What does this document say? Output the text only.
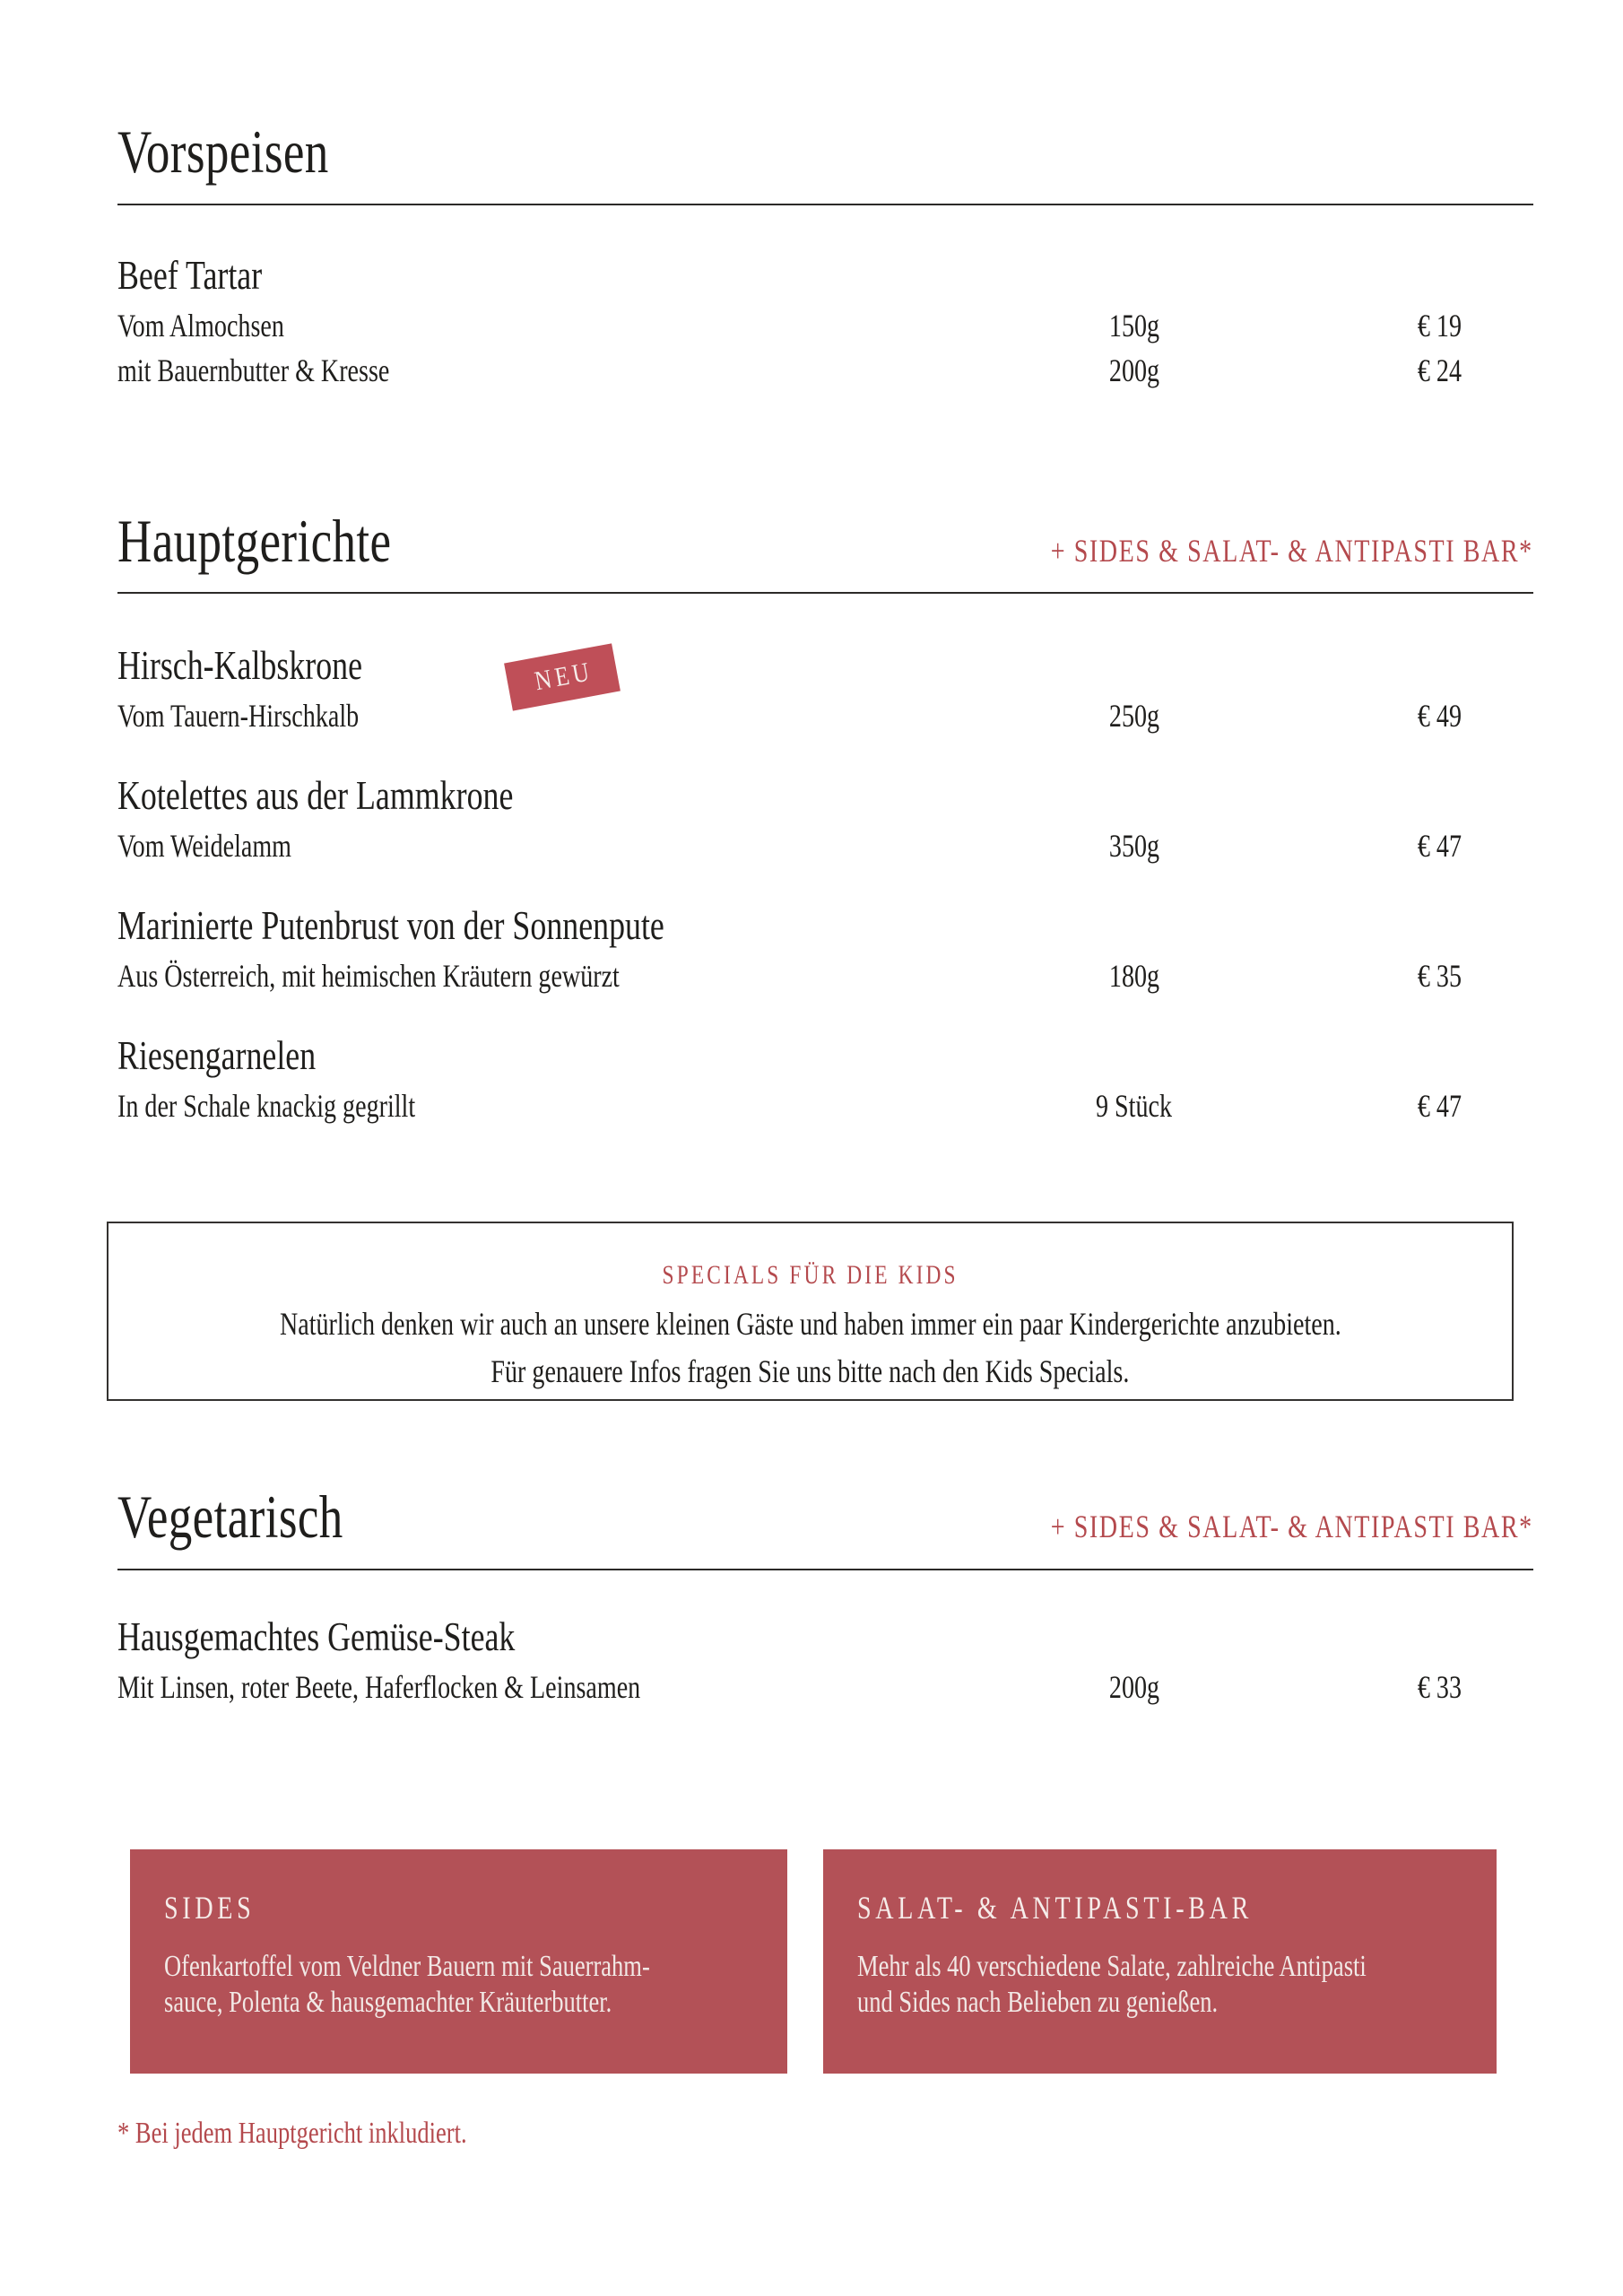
Vorspeisen
Beef Tartar
Vom Almochsen	150g	€ 19
mit Bauernbutter & Kresse	200g	€ 24
Hauptgerichte	+ SIDES & SALAT- & ANTIPASTI BAR*
Hirsch-Kalbskrone	NEU
Vom Tauern-Hirschkalb	250g	€ 49
Kotelettes aus der Lammkrone
Vom Weidelamm	350g	€ 47
Marinierte Putenbrust von der Sonnenpute
Aus Österreich, mit heimischen Kräutern gewürzt	180g	€ 35
Riesengarnelen
In der Schale knackig gegrillt	9 Stück	€ 47
SPECIALS FÜR DIE KIDS
Natürlich denken wir auch an unsere kleinen Gäste und haben immer ein paar Kindergerichte anzubieten.
Für genauere Infos fragen Sie uns bitte nach den Kids Specials.
Vegetarisch	+ SIDES & SALAT- & ANTIPASTI BAR*
Hausgemachtes Gemüse-Steak
Mit Linsen, roter Beete, Haferflocken & Leinsamen	200g	€ 33
SIDES
Ofenkartoffel vom Veldner Bauern mit Sauerrahm-
sauce, Polenta & hausgemachter Kräuterbutter.
SALAT- & ANTIPASTI-BAR
Mehr als 40 verschiedene Salate, zahlreiche Antipasti
und Sides nach Belieben zu genießen.
* Bei jedem Hauptgericht inkludiert.
